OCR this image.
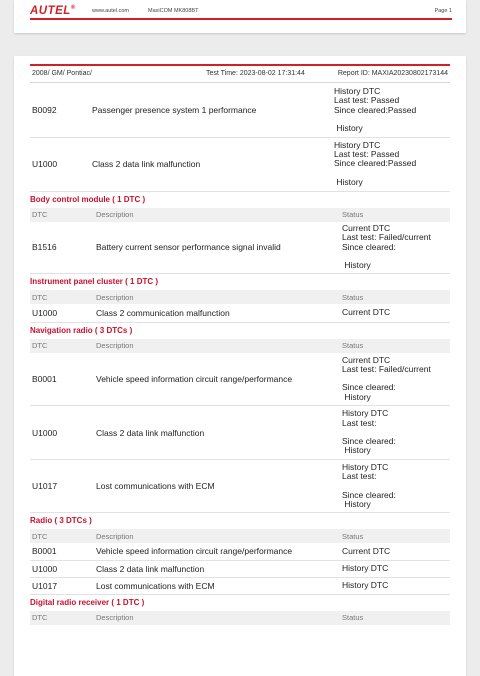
AUTEL®	www.autel.com	MaxiCOM MK808BT	Page 1
2008/ GM/ Pontiac/	Test Time: 2023-08-02 17:31:44	Report ID: MAXIA20230802173144

B0092	Passenger presence system 1 performance	History DTC
Last test: Passed
Since cleared:Passed

History
U1000	Class 2 data link malfunction	History DTC
Last test: Passed
Since cleared:Passed

History
Body control module ( 1 DTC )
DTC	Description	Status
B1516	Battery current sensor performance signal invalid	Current DTC
Last test: Failed/current
Since cleared:

History
Instrument panel cluster ( 1 DTC )
DTC	Description	Status
U1000	Class 2 communication malfunction	Current DTC
Navigation radio ( 3 DTCs )
DTC	Description	Status
B0001	Vehicle speed information circuit range/performance	Current DTC
Last test: Failed/current

Since cleared:
History
U1000	Class 2 data link malfunction	History DTC
Last test:

Since cleared:
History
U1017	Lost communications with ECM	History DTC
Last test:

Since cleared:
History
Radio ( 3 DTCs )
DTC	Description	Status
B0001	Vehicle speed information circuit range/performance	Current DTC
U1000	Class 2 data link malfunction	History DTC
U1017	Lost communications with ECM	History DTC
Digital radio receiver ( 1 DTC )
DTC	Description	Status
